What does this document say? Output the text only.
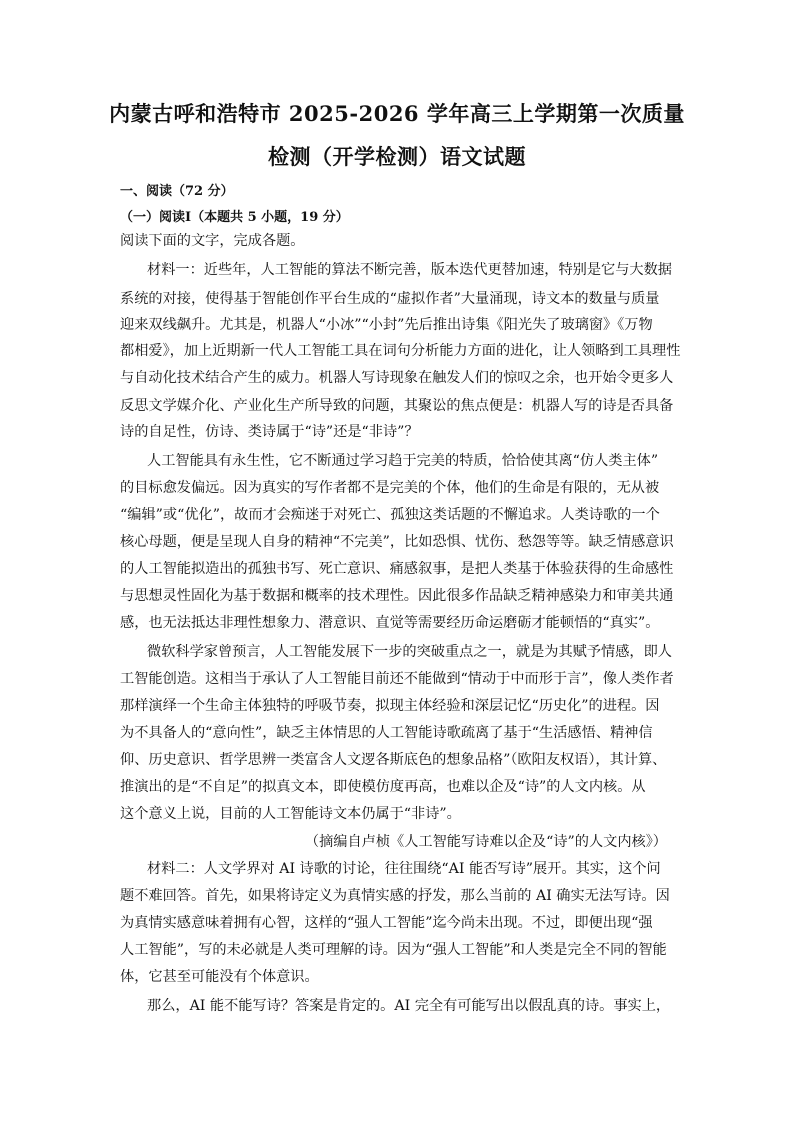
内蒙古呼和浩特市 2025-2026 学年高三上学期第一次质量
检测（开学检测）语文试题
一、阅读（72 分）
（一）阅读Ⅰ（本题共 5 小题，19 分）
阅读下面的文字，完成各题。
材料一：近些年，人工智能的算法不断完善，版本迭代更替加速，特别是它与大数据
系统的对接，使得基于智能创作平台生成的“虚拟作者”大量涌现，诗文本的数量与质量
迎来双线飙升。尤其是，机器人“小冰”“小封”先后推出诗集《阳光失了玻璃窗》《万物
都相爱》，加上近期新一代人工智能工具在词句分析能力方面的进化，让人领略到工具理性
与自动化技术结合产生的威力。机器人写诗现象在触发人们的惊叹之余，也开始令更多人
反思文学媒介化、产业化生产所导致的问题，其聚讼的焦点便是：机器人写的诗是否具备
诗的自足性，仿诗、类诗属于“诗”还是“非诗”？
人工智能具有永生性，它不断通过学习趋于完美的特质，恰恰使其离“仿人类主体”
的目标愈发偏远。因为真实的写作者都不是完美的个体，他们的生命是有限的，无从被
“编辑”或“优化”，故而才会痴迷于对死亡、孤独这类话题的不懈追求。人类诗歌的一个
核心母题，便是呈现人自身的精神“不完美”，比如恐惧、忧伤、愁怨等等。缺乏情感意识
的人工智能拟造出的孤独书写、死亡意识、痛感叙事，是把人类基于体验获得的生命感性
与思想灵性固化为基于数据和概率的技术理性。因此很多作品缺乏精神感染力和审美共通
感，也无法抵达非理性想象力、潜意识、直觉等需要经历命运磨砺才能顿悟的“真实”。
微软科学家曾预言，人工智能发展下一步的突破重点之一，就是为其赋予情感，即人
工智能创造。这相当于承认了人工智能目前还不能做到“情动于中而形于言”，像人类作者
那样演绎一个生命主体独特的呼吸节奏，拟现主体经验和深层记忆“历史化”的进程。因
为不具备人的“意向性”，缺乏主体情思的人工智能诗歌疏离了基于“生活感悟、精神信
仰、历史意识、哲学思辨一类富含人文逻各斯底色的想象品格”（欧阳友权语），其计算、
推演出的是“不自足”的拟真文本，即使模仿度再高，也难以企及“诗”的人文内核。从
这个意义上说，目前的人工智能诗文本仍属于“非诗”。
（摘编自卢桢《人工智能写诗难以企及“诗”的人文内核》）
材料二：人文学界对 AI 诗歌的讨论，往往围绕“AI 能否写诗”展开。其实，这个问
题不难回答。首先，如果将诗定义为真情实感的抒发，那么当前的 AI 确实无法写诗。因
为真情实感意味着拥有心智，这样的“强人工智能”迄今尚未出现。不过，即便出现“强
人工智能”，写的未必就是人类可理解的诗。因为“强人工智能”和人类是完全不同的智能
体，它甚至可能没有个体意识。
那么，AI 能不能写诗？答案是肯定的。AI 完全有可能写出以假乱真的诗。事实上，
